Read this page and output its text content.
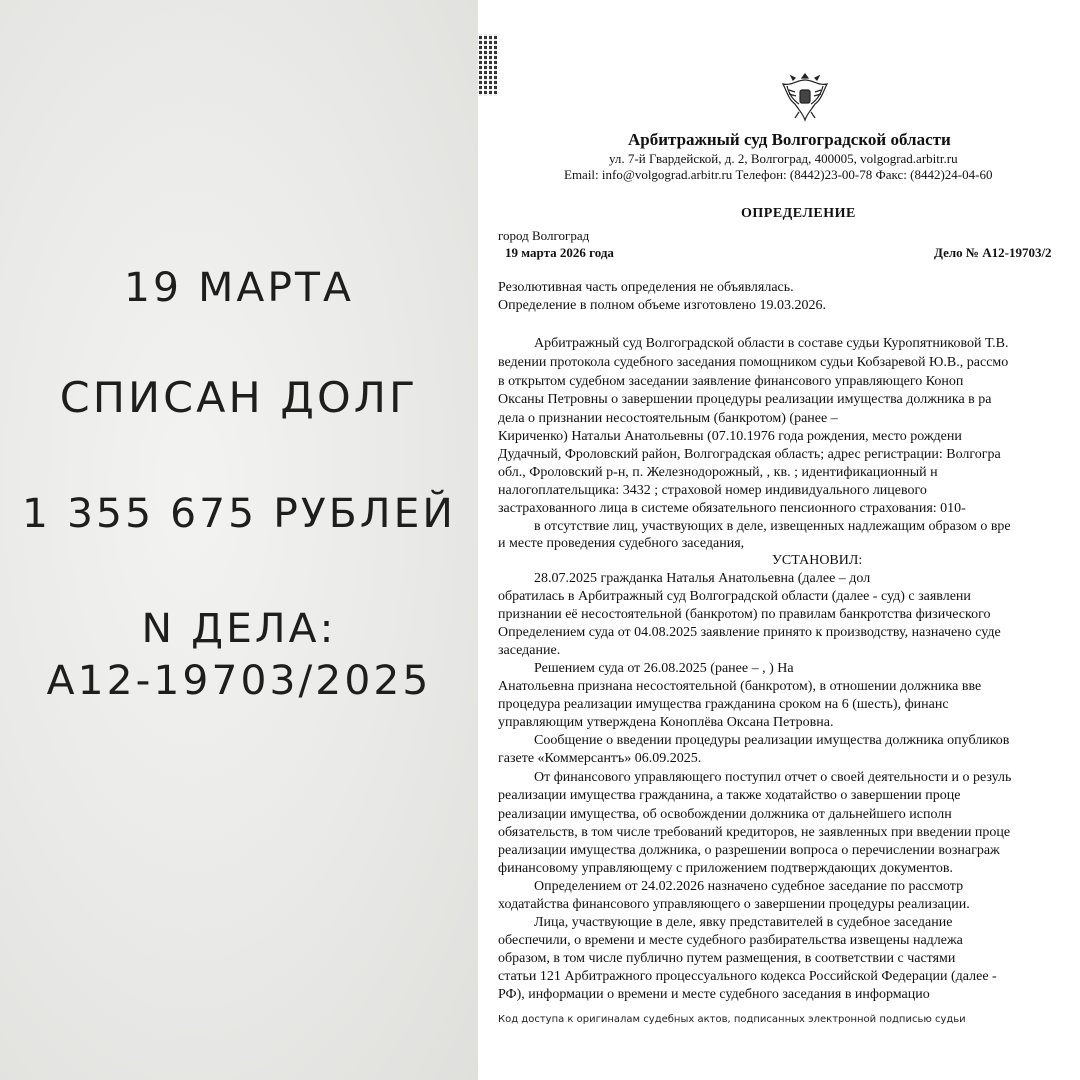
19 МАРТА
СПИСАН ДОЛГ
1 355 675 РУБЛЕЙ
N ДЕЛА:
А12-19703/2025
Арбитражный суд Волгоградской области
ул. 7-й Гвардейской, д. 2, Волгоград, 400005, volgograd.arbitr.ru
Email: info@volgograd.arbitr.ru Телефон: (8442)23-00-78 Факс: (8442)24-04-60
ОПРЕДЕЛЕНИЕ
город Волгоград
19 марта 2026 года	Дело № А12-19703/2
Резолютивная часть определения не объявлялась.
Определение в полном объеме изготовлено 19.03.2026.
Арбитражный суд Волгоградской области в составе судьи Куропятниковой Т.В.
ведении протокола судебного заседания помощником судьи Кобзаревой Ю.В., рассмо
в открытом судебном заседании заявление финансового управляющего Коноп
Оксаны Петровны о завершении процедуры реализации имущества должника в ра
дела о признании несостоятельным (банкротом) (ранее –
Кириченко) Натальи Анатольевны (07.10.1976 года рождения, место рождени
Дудачный, Фроловский район, Волгоградская область; адрес регистрации: Волгогра
обл., Фроловский р-н, п. Железнодорожный, , кв. ; идентификационный н
налогоплательщика: 3432 ; страховой номер индивидуального лицевого
застрахованного лица в системе обязательного пенсионного страхования: 010-
в отсутствие лиц, участвующих в деле, извещенных надлежащим образом о вре
и месте проведения судебного заседания,
УСТАНОВИЛ:
28.07.2025 гражданка Наталья Анатольевна (далее – дол
обратилась в Арбитражный суд Волгоградской области (далее - суд) с заявлени
признании её несостоятельной (банкротом) по правилам банкротства физического
Определением суда от 04.08.2025 заявление принято к производству, назначено суде
заседание.
Решением суда от 26.08.2025 (ранее – , ) На
Анатольевна признана несостоятельной (банкротом), в отношении должника вве
процедура реализации имущества гражданина сроком на 6 (шесть), финанс
управляющим утверждена Коноплёва Оксана Петровна.
Сообщение о введении процедуры реализации имущества должника опубликов
газете «Коммерсантъ» 06.09.2025.
От финансового управляющего поступил отчет о своей деятельности и о резуль
реализации имущества гражданина, а также ходатайство о завершении проце
реализации имущества, об освобождении должника от дальнейшего исполн
обязательств, в том числе требований кредиторов, не заявленных при введении проце
реализации имущества должника, о разрешении вопроса о перечислении вознаграж
финансовому управляющему с приложением подтверждающих документов.
Определением от 24.02.2026 назначено судебное заседание по рассмотр
ходатайства финансового управляющего о завершении процедуры реализации.
Лица, участвующие в деле, явку представителей в судебное заседание
обеспечили, о времени и месте судебного разбирательства извещены надлежа
образом, в том числе публично путем размещения, в соответствии с частями
статьи 121 Арбитражного процессуального кодекса Российской Федерации (далее -
РФ), информации о времени и месте судебного заседания в информацио
Код доступа к оригиналам судебных актов, подписанных электронной подписью судьи
